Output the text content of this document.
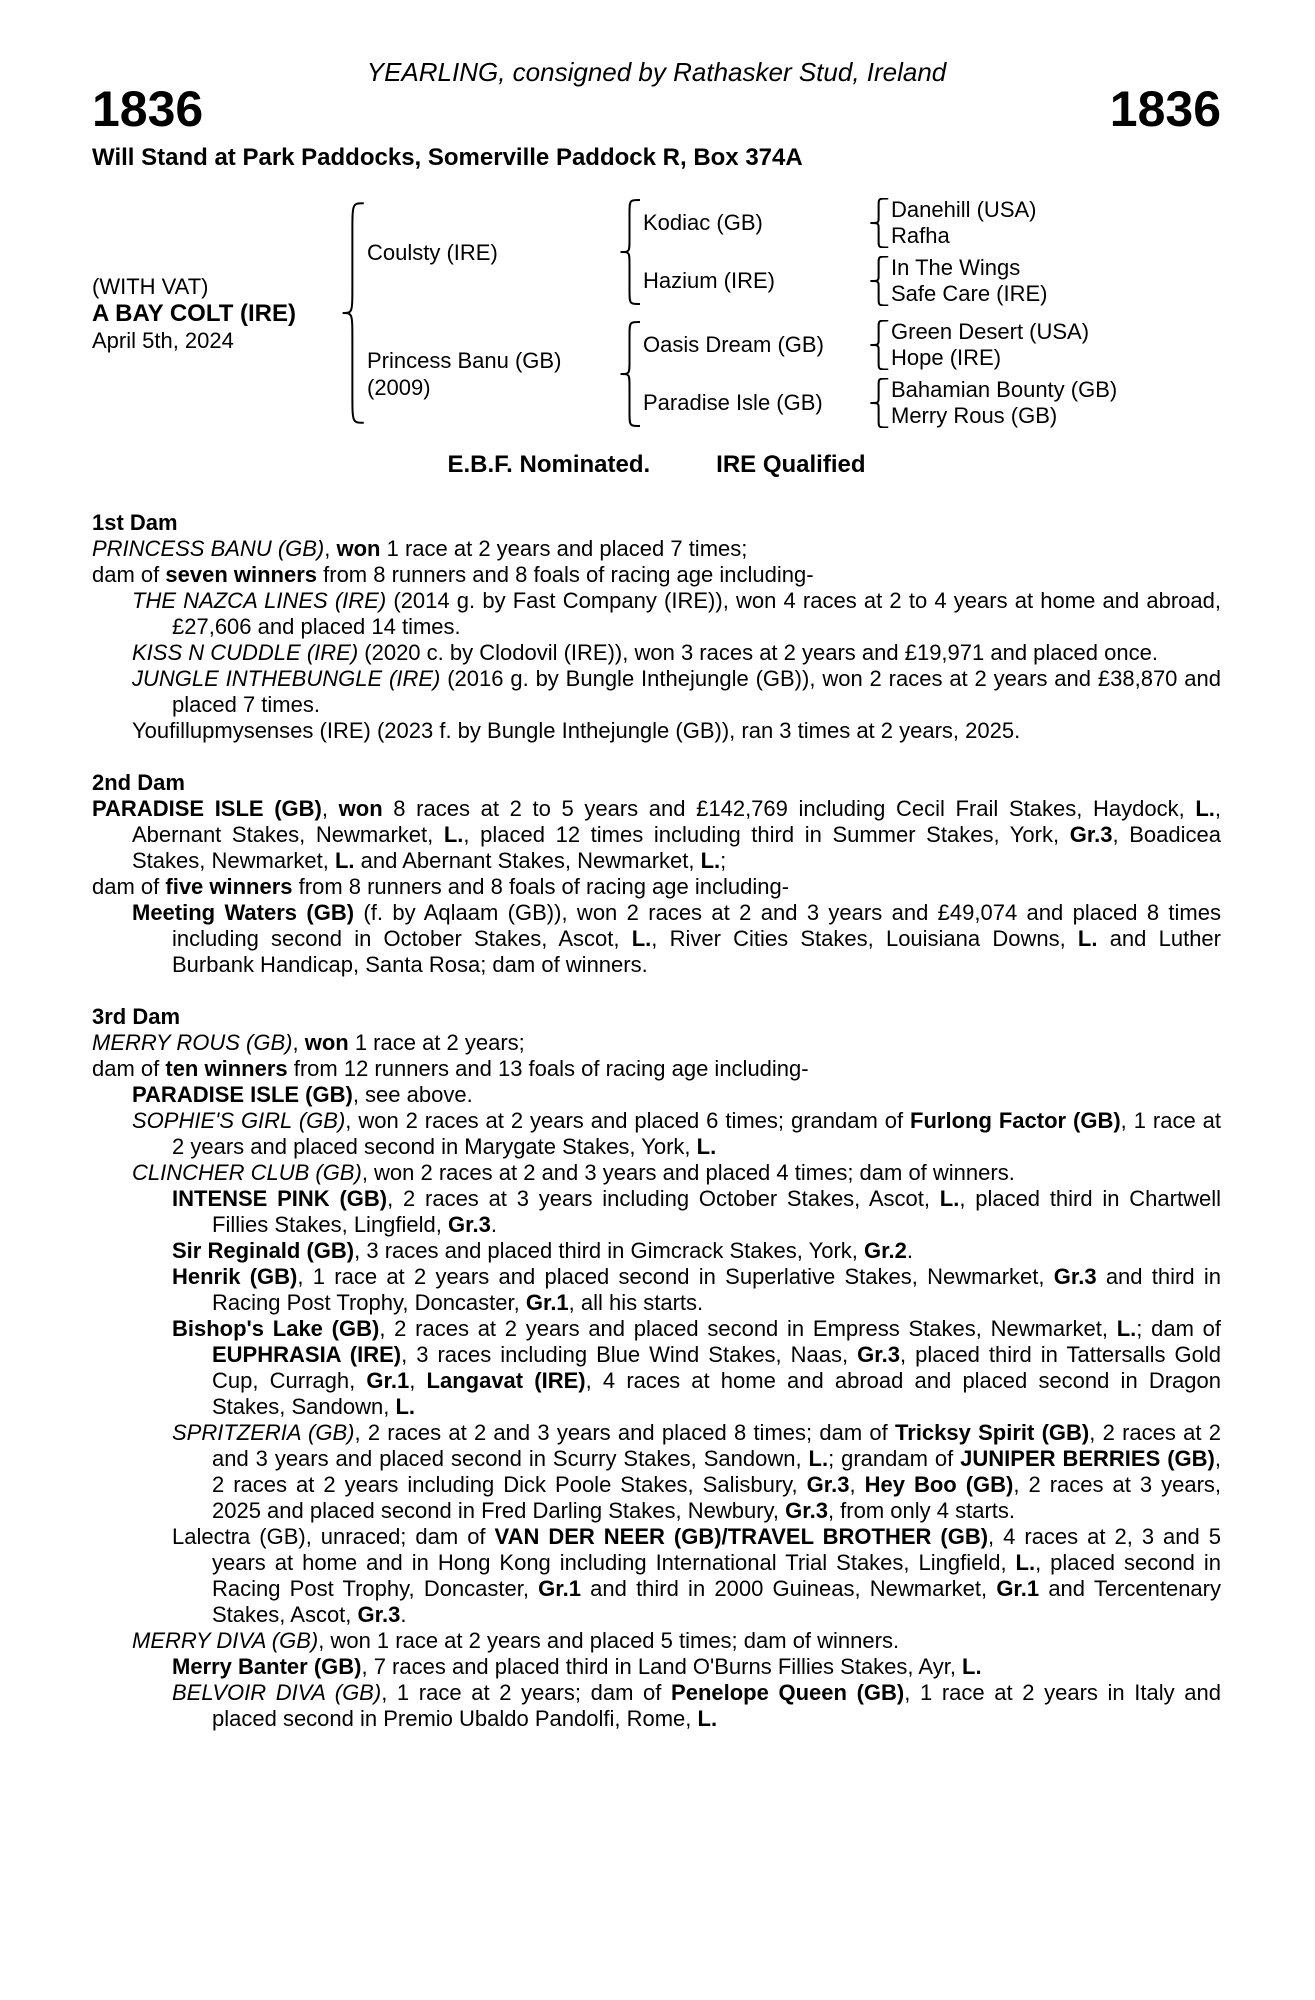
YEARLING, consigned by Rathasker Stud, Ireland
1836	1836
Will Stand at Park Paddocks, Somerville Paddock R, Box 374A
(WITH VAT)
A BAY COLT (IRE)
April 5th, 2024
Coulsty (IRE)
Kodiac (GB)
Danehill (USA)
Rafha
Hazium (IRE)
In The Wings
Safe Care (IRE)
Princess Banu (GB)
(2009)
Oasis Dream (GB)
Green Desert (USA)
Hope (IRE)
Paradise Isle (GB)
Bahamian Bounty (GB)
Merry Rous (GB)
E.B.F. Nominated.	IRE Qualified
1st Dam

PRINCESS BANU (GB), won 1 race at 2 years and placed 7 times;

dam of seven winners from 8 runners and 8 foals of racing age including-

THE NAZCA LINES (IRE) (2014 g. by Fast Company (IRE)), won 4 races at 2 to 4 years at home and abroad, £27,606 and placed 14 times.

KISS N CUDDLE (IRE) (2020 c. by Clodovil (IRE)), won 3 races at 2 years and £19,971 and placed once.

JUNGLE INTHEBUNGLE (IRE) (2016 g. by Bungle Inthejungle (GB)), won 2 races at 2 years and £38,870 and placed 7 times.

Youfillupmysenses (IRE) (2023 f. by Bungle Inthejungle (GB)), ran 3 times at 2 years, 2025.

2nd Dam

PARADISE ISLE (GB), won 8 races at 2 to 5 years and £142,769 including Cecil Frail Stakes, Haydock, L., Abernant Stakes, Newmarket, L., placed 12 times including third in Summer Stakes, York, Gr.3, Boadicea Stakes, Newmarket, L. and Abernant Stakes, Newmarket, L.;

dam of five winners from 8 runners and 8 foals of racing age including-

Meeting Waters (GB) (f. by Aqlaam (GB)), won 2 races at 2 and 3 years and £49,074 and placed 8 times including second in October Stakes, Ascot, L., River Cities Stakes, Louisiana Downs, L. and Luther Burbank Handicap, Santa Rosa; dam of winners.

3rd Dam

MERRY ROUS (GB), won 1 race at 2 years;

dam of ten winners from 12 runners and 13 foals of racing age including-

PARADISE ISLE (GB), see above.

SOPHIE'S GIRL (GB), won 2 races at 2 years and placed 6 times; grandam of Furlong Factor (GB), 1 race at 2 years and placed second in Marygate Stakes, York, L.

CLINCHER CLUB (GB), won 2 races at 2 and 3 years and placed 4 times; dam of winners.

INTENSE PINK (GB), 2 races at 3 years including October Stakes, Ascot, L., placed third in Chartwell Fillies Stakes, Lingfield, Gr.3.

Sir Reginald (GB), 3 races and placed third in Gimcrack Stakes, York, Gr.2.

Henrik (GB), 1 race at 2 years and placed second in Superlative Stakes, Newmarket, Gr.3 and third in Racing Post Trophy, Doncaster, Gr.1, all his starts.

Bishop's Lake (GB), 2 races at 2 years and placed second in Empress Stakes, Newmarket, L.; dam of EUPHRASIA (IRE), 3 races including Blue Wind Stakes, Naas, Gr.3, placed third in Tattersalls Gold Cup, Curragh, Gr.1, Langavat (IRE), 4 races at home and abroad and placed second in Dragon Stakes, Sandown, L.

SPRITZERIA (GB), 2 races at 2 and 3 years and placed 8 times; dam of Tricksy Spirit (GB), 2 races at 2 and 3 years and placed second in Scurry Stakes, Sandown, L.; grandam of JUNIPER BERRIES (GB), 2 races at 2 years including Dick Poole Stakes, Salisbury, Gr.3, Hey Boo (GB), 2 races at 3 years, 2025 and placed second in Fred Darling Stakes, Newbury, Gr.3, from only 4 starts.

Lalectra (GB), unraced; dam of VAN DER NEER (GB)/TRAVEL BROTHER (GB), 4 races at 2, 3 and 5 years at home and in Hong Kong including International Trial Stakes, Lingfield, L., placed second in Racing Post Trophy, Doncaster, Gr.1 and third in 2000 Guineas, Newmarket, Gr.1 and Tercentenary Stakes, Ascot, Gr.3.

MERRY DIVA (GB), won 1 race at 2 years and placed 5 times; dam of winners.

Merry Banter (GB), 7 races and placed third in Land O'Burns Fillies Stakes, Ayr, L.

BELVOIR DIVA (GB), 1 race at 2 years; dam of Penelope Queen (GB), 1 race at 2 years in Italy and placed second in Premio Ubaldo Pandolfi, Rome, L.
